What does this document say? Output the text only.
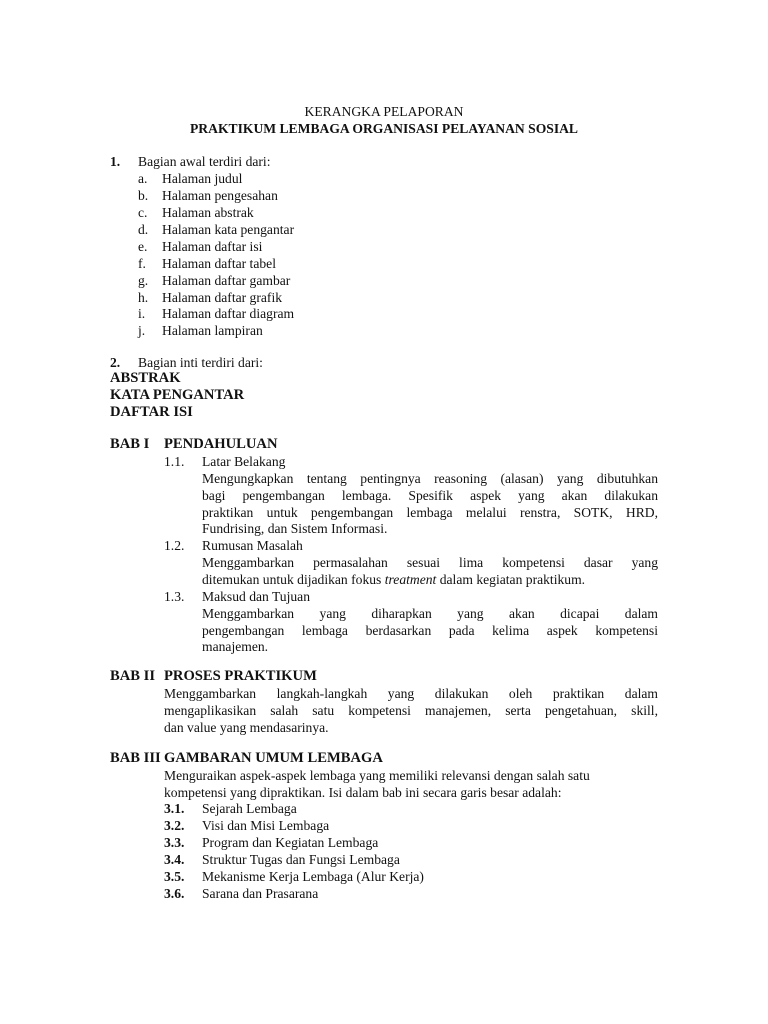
KERANGKA PELAPORAN
PRAKTIKUM LEMBAGA ORGANISASI PELAYANAN SOSIAL
1. Bagian awal terdiri dari:
a. Halaman judul
b. Halaman pengesahan
c. Halaman abstrak
d. Halaman kata pengantar
e. Halaman daftar isi
f. Halaman daftar tabel
g. Halaman daftar gambar
h. Halaman daftar grafik
i. Halaman daftar diagram
j. Halaman lampiran
2. Bagian inti terdiri dari:
ABSTRAK
KATA PENGANTAR
DAFTAR ISI
BAB I PENDAHULUAN
1.1. Latar Belakang
Mengungkapkan tentang pentingnya reasoning (alasan) yang dibutuhkan
bagi pengembangan lembaga. Spesifik aspek yang akan dilakukan
praktikan untuk pengembangan lembaga melalui renstra, SOTK, HRD,
Fundrising, dan Sistem Informasi.
1.2. Rumusan Masalah
Menggambarkan permasalahan sesuai lima kompetensi dasar yang
ditemukan untuk dijadikan fokus treatment dalam kegiatan praktikum.
1.3. Maksud dan Tujuan
Menggambarkan yang diharapkan yang akan dicapai dalam
pengembangan lembaga berdasarkan pada kelima aspek kompetensi
manajemen.
BAB II PROSES PRAKTIKUM
Menggambarkan langkah-langkah yang dilakukan oleh praktikan dalam
mengaplikasikan salah satu kompetensi manajemen, serta pengetahuan, skill,
dan value yang mendasarinya.
BAB III GAMBARAN UMUM LEMBAGA
Menguraikan aspek-aspek lembaga yang memiliki relevansi dengan salah satu
kompetensi yang dipraktikan. Isi dalam bab ini secara garis besar adalah:
3.1. Sejarah Lembaga
3.2. Visi dan Misi Lembaga
3.3. Program dan Kegiatan Lembaga
3.4. Struktur Tugas dan Fungsi Lembaga
3.5. Mekanisme Kerja Lembaga (Alur Kerja)
3.6. Sarana dan Prasarana
